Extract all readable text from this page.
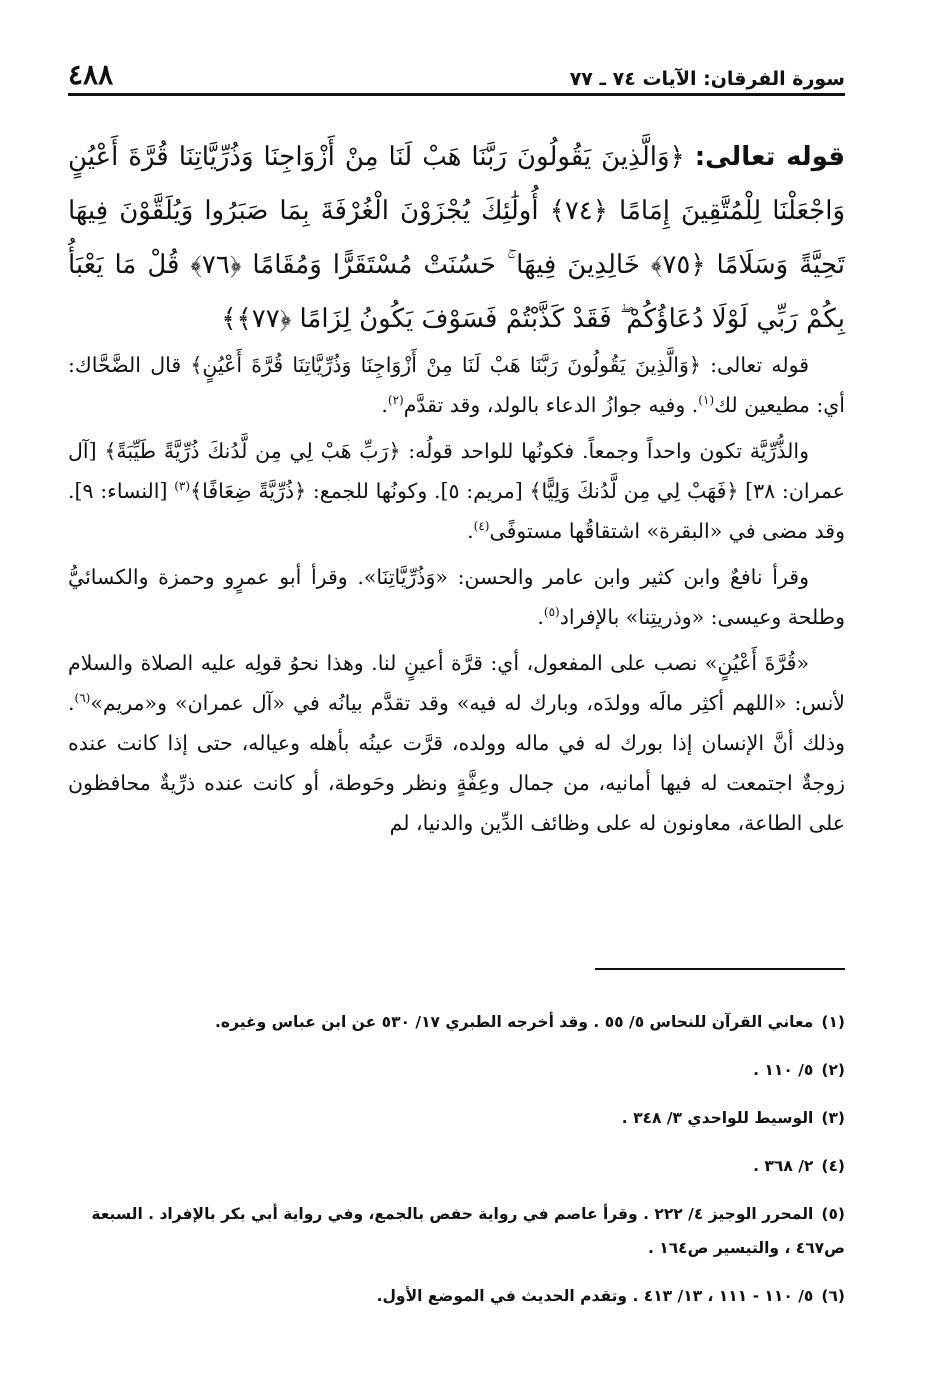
سورة الفرقان: الآيات ٧٤ ـ ٧٧
٤٨٨
قوله تعالى: ﴿وَالَّذِينَ يَقُولُونَ رَبَّنَا هَبْ لَنَا مِنْ أَزْوَاجِنَا وَذُرِّيَّاتِنَا قُرَّةَ أَعْيُنٍ وَاجْعَلْنَا لِلْمُتَّقِينَ إِمَامًا ﴿٧٤﴾ أُولَٰئِكَ يُجْزَوْنَ الْغُرْفَةَ بِمَا صَبَرُوا وَيُلَقَّوْنَ فِيهَا تَحِيَّةً وَسَلَامًا ﴿٧٥﴾ خَالِدِينَ فِيهَا ۚ حَسُنَتْ مُسْتَقَرًّا وَمُقَامًا ﴿٧٦﴾ قُلْ مَا يَعْبَأُ بِكُمْ رَبِّي لَوْلَا دُعَاؤُكُمْ ۖ فَقَدْ كَذَّبْتُمْ فَسَوْفَ يَكُونُ لِزَامًا ﴿٧٧﴾﴾

قوله تعالى: ﴿وَالَّذِينَ يَقُولُونَ رَبَّنَا هَبْ لَنَا مِنْ أَزْوَاجِنَا وَذُرِّيَّاتِنَا قُرَّةَ أَعْيُنٍ﴾ قال الضَّحَّاك: أي: مطيعين لك$^{(١)}$. وفيه جوازُ الدعاء بالولد، وقد تقدَّم$^{(٢)}$.

والذُّرِّيَّة تكون واحداً وجمعاً. فكونُها للواحد قولُه: ﴿رَبِّ هَبْ لِي مِن لَّدُنكَ ذُرِّيَّةً طَيِّبَةً﴾ [آل عمران: ٣٨] ﴿فَهَبْ لِي مِن لَّدُنكَ وَلِيًّا﴾ [مريم: ٥]. وكونُها للجمع: ﴿ذُرِّيَّةً ضِعَافًا﴾$^{(٣)}$ [النساء: ٩]. وقد مضى في «البقرة» اشتقاقُها مستوفًى$^{(٤)}$.

وقرأ نافعٌ وابن كثير وابن عامر والحسن: «وَذُرِّيَّاتِنَا». وقرأ أبو عمرٍو وحمزة والكسائيُّ وطلحة وعيسى: «وذريتِنا» بالإفراد$^{(٥)}$.

«قُرَّةَ أَعْيُنٍ» نصب على المفعول، أي: قرَّة أعينٍ لنا. وهذا نحوُ قولِه عليه الصلاة والسلام لأنس: «اللهم أكثِر مالَه وولدَه، وبارك له فيه» وقد تقدَّم بيانُه في «آل عمران» و«مريم»$^{(٦)}$. وذلك أنَّ الإنسان إذا بورك له في ماله وولده، قرَّت عينُه بأهله وعياله، حتى إذا كانت عنده زوجةٌ اجتمعت له فيها أمانيه، من جمال وعِفَّةٍ ونظر وحَوطة، أو كانت عنده ذرِّيةٌ محافظون على الطاعة، معاونون له على وظائف الدِّين والدنيا، لم

(١)معاني القرآن للنحاس ٥/ ٥٥ . وقد أخرجه الطبري ١٧/ ٥٣٠ عن ابن عباس وغيره.
(٢)٥/ ١١٠ .
(٣)الوسيط للواحدي ٣/ ٣٤٨ .
(٤)٢/ ٣٦٨ .
(٥)المحرر الوجيز ٤/ ٢٢٢ . وقرأ عاصم في رواية حفص بالجمع، وفي رواية أبي بكر بالإفراد . السبعة ص٤٦٧ ، والتيسير ص١٦٤ .
(٦)٥/ ١١٠ - ١١١ ، ١٣/ ٤١٣ . وتقدم الحديث في الموضع الأول.
